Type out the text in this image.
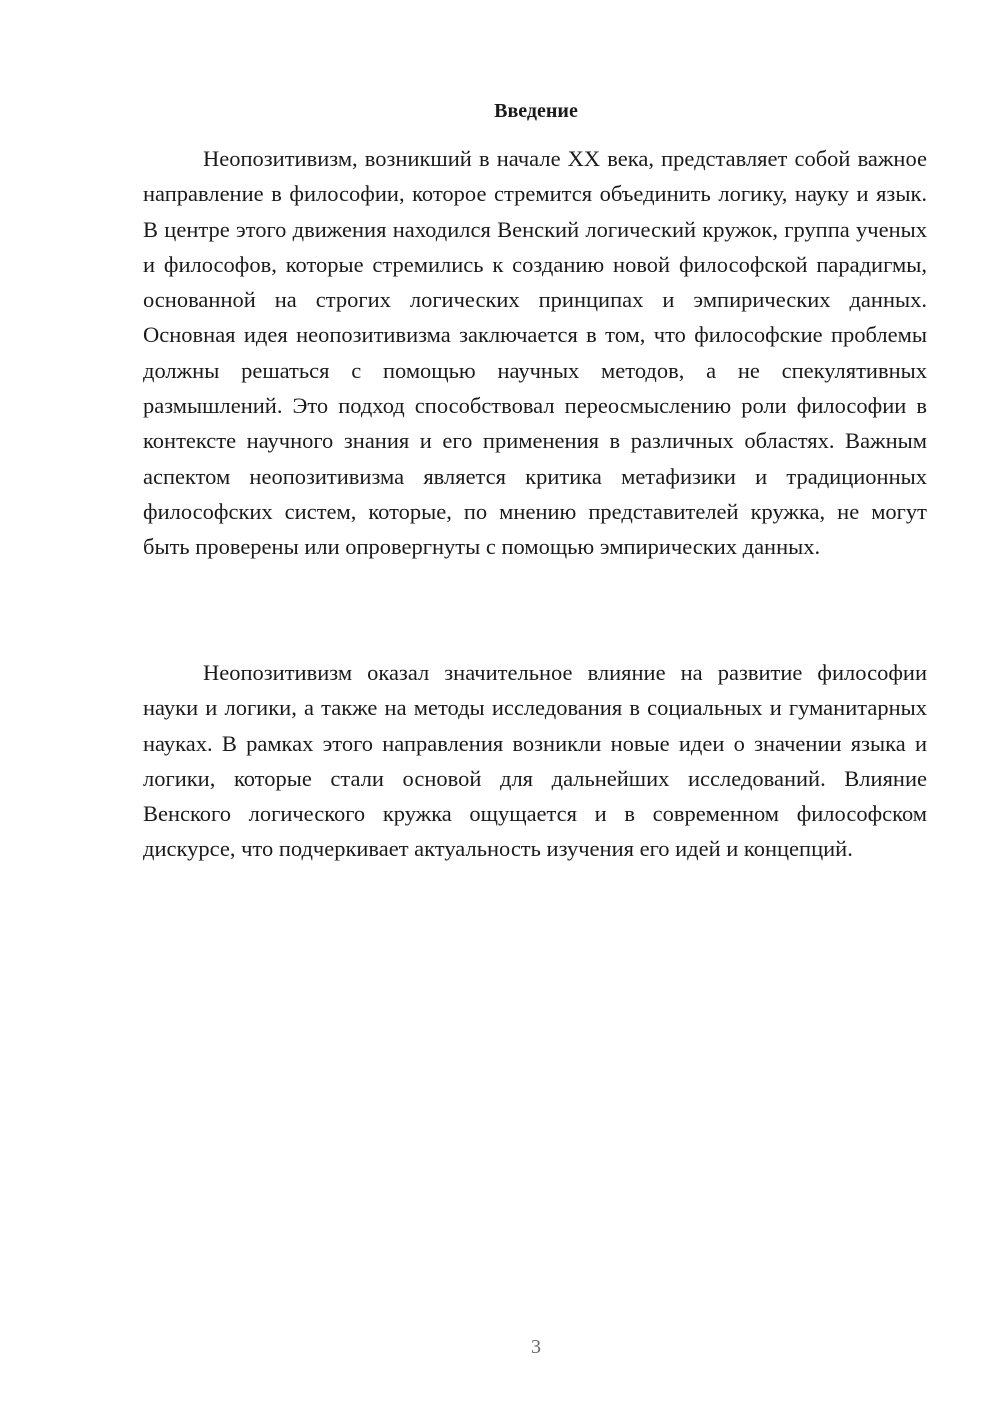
Введение

Неопозитивизм, возникший в начале XX века, представляет собой важное направление в философии, которое стремится объединить логику, науку и язык. В центре этого движения находился Венский логический кружок, группа ученых и философов, которые стремились к созданию новой философской парадигмы, основанной на строгих логических принципах и эмпирических данных. Основная идея неопозитивизма заключается в том, что философские проблемы должны решаться с помощью научных методов, а не спекулятивных размышлений. Это подход способствовал переосмыслению роли философии в контексте научного знания и его применения в различных областях. Важным аспектом неопозитивизма является критика метафизики и традиционных философских систем, которые, по мнению представителей кружка, не могут быть проверены или опровергнуты с помощью эмпирических данных.

Неопозитивизм оказал значительное влияние на развитие философии науки и логики, а также на методы исследования в социальных и гуманитарных науках. В рамках этого направления возникли новые идеи о значении языка и логики, которые стали основой для дальнейших исследований. Влияние Венского логического кружка ощущается и в современном философском дискурсе, что подчеркивает актуальность изучения его идей и концепций.

3
